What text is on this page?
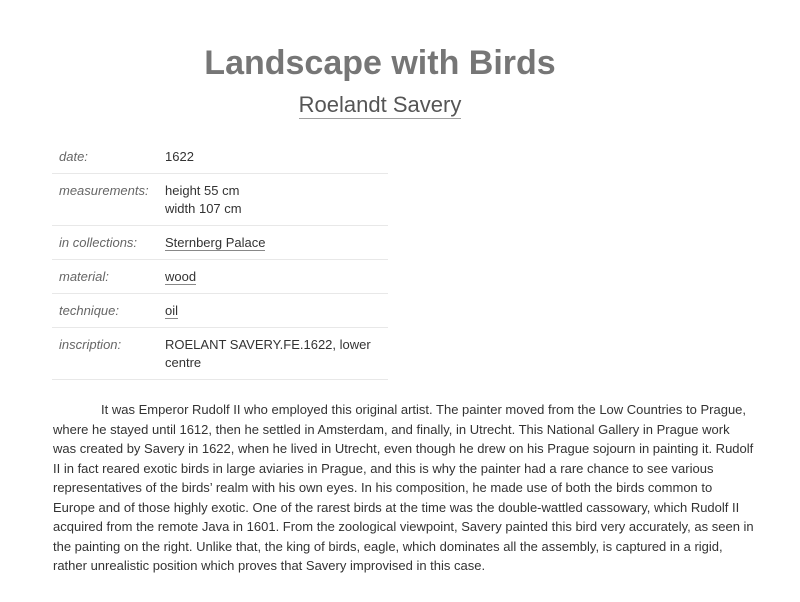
Landscape with Birds
Roelandt Savery
date:	1622
measurements:	height 55 cm
width 107 cm

in collections:	Sternberg Palace
material:	wood
technique:	oil
inscription:	ROELANT SAVERY.FE.1622, lower centre

It was Emperor Rudolf II who employed this original artist. The painter moved from the Low Countries to Prague, where he stayed until 1612, then he settled in Amsterdam, and finally, in Utrecht. This National Gallery in Prague work was created by Savery in 1622, when he lived in Utrecht, even though he drew on his Prague sojourn in painting it. Rudolf II in fact reared exotic birds in large aviaries in Prague, and this is why the painter had a rare chance to see various representatives of the birds’ realm with his own eyes. In his composition, he made use of both the birds common to Europe and of those highly exotic. One of the rarest birds at the time was the double-wattled cassowary, which Rudolf II acquired from the remote Java in 1601. From the zoological viewpoint, Savery painted this bird very accurately, as seen in the painting on the right. Unlike that, the king of birds, eagle, which dominates all the assembly, is captured in a rigid, rather unrealistic position which proves that Savery improvised in this case.
